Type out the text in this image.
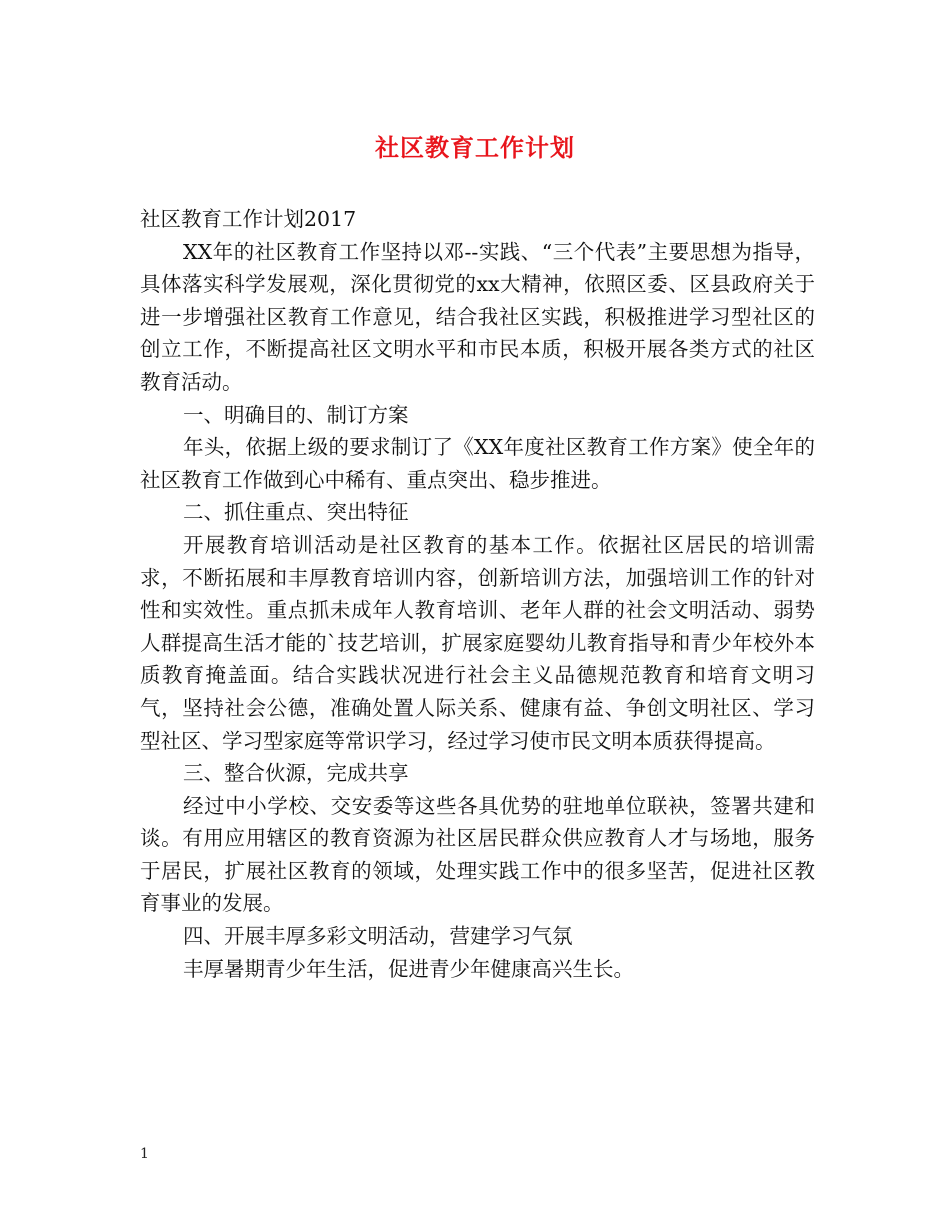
社区教育工作计划

社区教育工作计划2017

XX年的社区教育工作坚持以邓--实践、“三个代表”主要思想为指导，具体落实科学发展观，深化贯彻党的xx大精神，依照区委、区县政府关于进一步增强社区教育工作意见，结合我社区实践，积极推进学习型社区的创立工作，不断提高社区文明水平和市民本质，积极开展各类方式的社区教育活动。

一、明确目的、制订方案

年头，依据上级的要求制订了《XX年度社区教育工作方案》使全年的社区教育工作做到心中稀有、重点突出、稳步推进。

二、抓住重点、突出特征

开展教育培训活动是社区教育的基本工作。依据社区居民的培训需求，不断拓展和丰厚教育培训内容，创新培训方法，加强培训工作的针对性和实效性。重点抓未成年人教育培训、老年人群的社会文明活动、弱势人群提高生活才能的`技艺培训，扩展家庭婴幼儿教育指导和青少年校外本质教育掩盖面。结合实践状况进行社会主义品德规范教育和培育文明习气，坚持社会公德，准确处置人际关系、健康有益、争创文明社区、学习型社区、学习型家庭等常识学习，经过学习使市民文明本质获得提高。

三、整合伙源，完成共享

经过中小学校、交安委等这些各具优势的驻地单位联袂，签署共建和谈。有用应用辖区的教育资源为社区居民群众供应教育人才与场地，服务于居民，扩展社区教育的领域，处理实践工作中的很多坚苦，促进社区教育事业的发展。

四、开展丰厚多彩文明活动，营建学习气氛

丰厚暑期青少年生活，促进青少年健康高兴生长。

1
